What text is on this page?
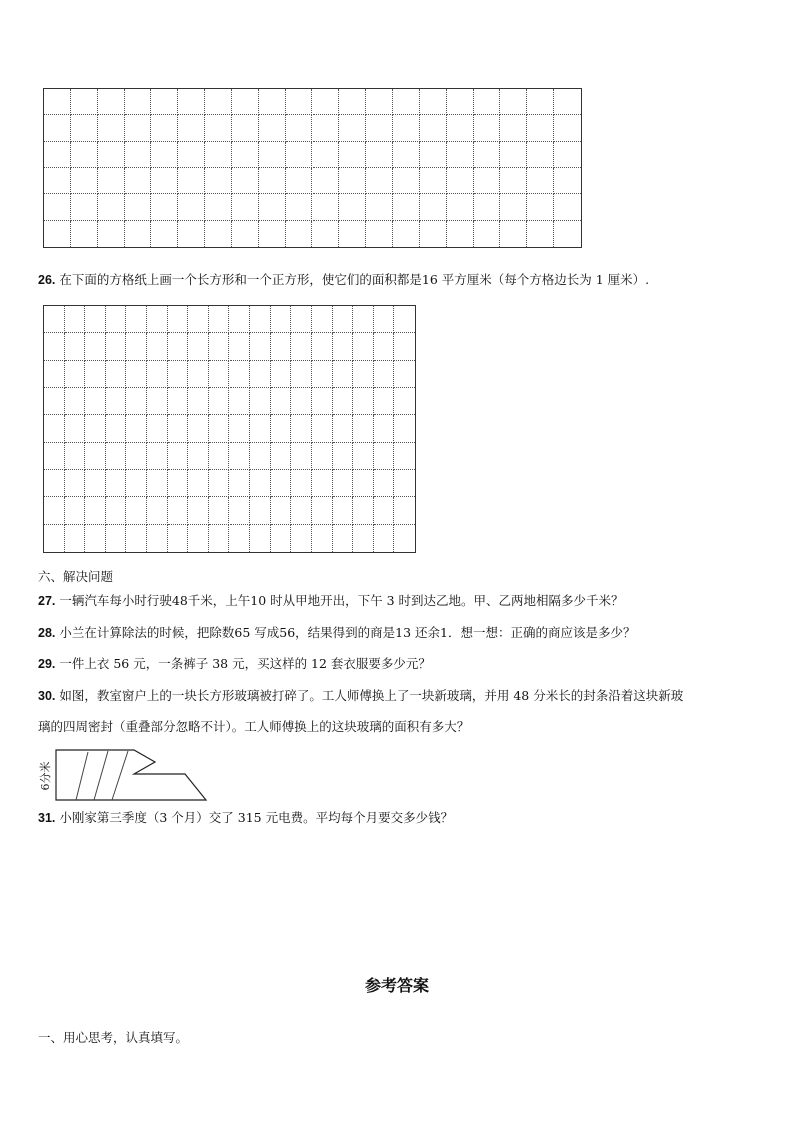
26. 在下面的方格纸上画一个长方形和一个正方形，使它们的面积都是16 平方厘米（每个方格边长为 1 厘米）.
六、解决问题
27. 一辆汽车每小时行驶48千米，上午10 时从甲地开出，下午 3 时到达乙地。甲、乙两地相隔多少千米？
28. 小兰在计算除法的时候，把除数65 写成56，结果得到的商是13 还余1．想一想：正确的商应该是多少？
29. 一件上衣 56 元，一条裤子 38 元，买这样的 12 套衣服要多少元？
30. 如图，教室窗户上的一块长方形玻璃被打碎了。工人师傅换上了一块新玻璃，并用 48 分米长的封条沿着这块新玻
璃的四周密封（重叠部分忽略不计）。工人师傅换上的这块玻璃的面积有多大？
6分米
31. 小刚家第三季度（3 个月）交了 315 元电费。平均每个月要交多少钱？
参考答案
一、用心思考，认真填写。
